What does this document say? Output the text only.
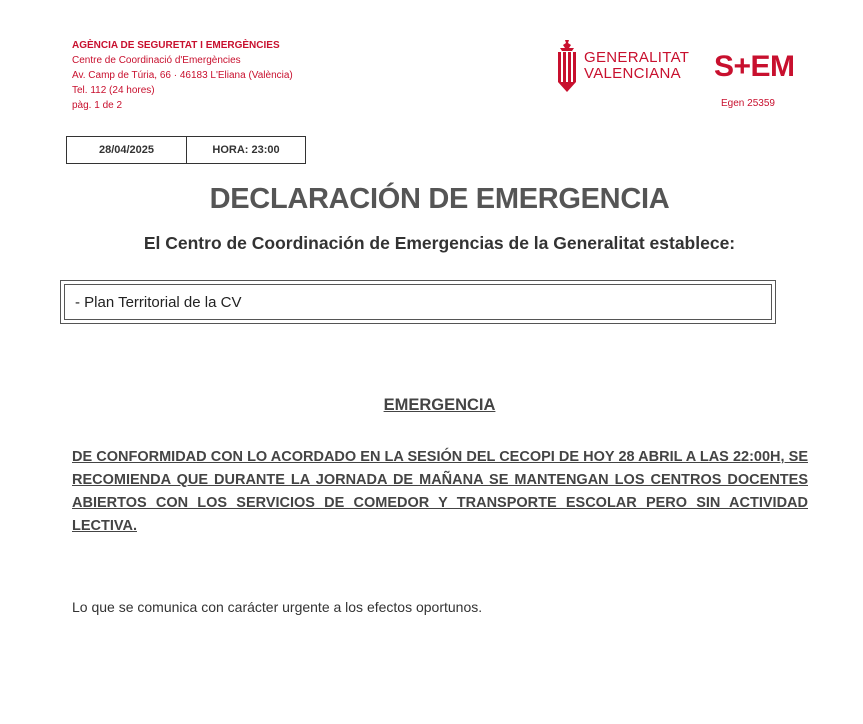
AGÈNCIA DE SEGURETAT I EMERGÈNCIES
Centre de Coordinació d'Emergències
Av. Camp de Túria, 66 · 46183 L'Eliana (València)
Tel. 112 (24 hores)
pàg. 1 de 2
GENERALITAT
VALENCIANA S+EM
Egen 25359
28/04/2025	HORA: 23:00
DECLARACIÓN DE EMERGENCIA
El Centro de Coordinación de Emergencias de la Generalitat establece:
- Plan Territorial de la CV
EMERGENCIA
DE CONFORMIDAD CON LO ACORDADO EN LA SESIÓN DEL CECOPI DE HOY 28 ABRIL A LAS 22:00H, SE RECOMIENDA QUE DURANTE LA JORNADA DE MAÑANA SE MANTENGAN LOS CENTROS DOCENTES ABIERTOS CON LOS SERVICIOS DE COMEDOR Y TRANSPORTE ESCOLAR PERO SIN ACTIVIDAD LECTIVA.
Lo que se comunica con carácter urgente a los efectos oportunos.
